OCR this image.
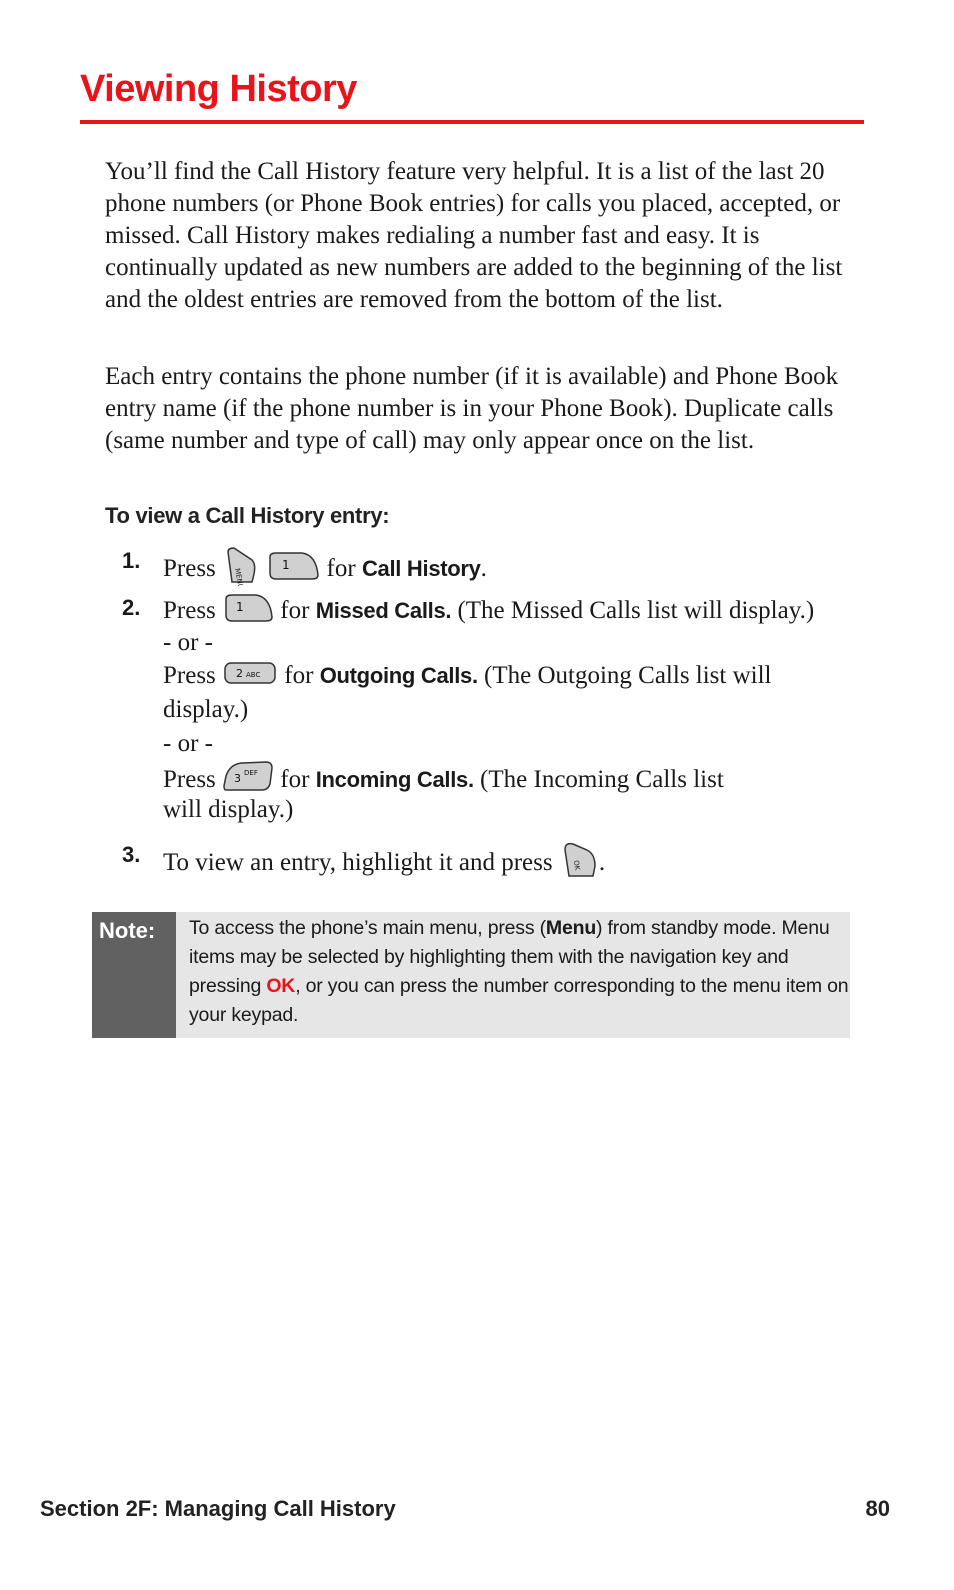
Viewing History

You’ll find the Call History feature very helpful. It is a list of the last 20 phone numbers (or Phone Book entries) for calls you placed, accepted, or missed. Call History makes redialing a number fast and easy. It is continually updated as new numbers are added to the beginning of the list and the oldest entries are removed from the bottom of the list.

Each entry contains the phone number (if it is available) and Phone Book entry name (if the phone number is in your Phone Book). Duplicate calls (same number and type of call) may only appear once on the list.

To view a Call History entry:
1. Press MENU

1 for Call History.
2. Press 1 for Missed Calls. (The Missed Calls list will display.)
- or -
Press 2 ABC for Outgoing Calls. (The Outgoing Calls list will
display.)
- or -
Press 3 DEF for Incoming Calls. (The Incoming Calls list
will display.)
3. To view an entry, highlight it and press	OK .
Note: To access the phone’s main menu, press (Menu) from standby mode. Menu items may be selected by highlighting them with the navigation key and pressing OK, or you can press the number corresponding to the menu item on your keypad.

Section 2F: Managing Call History	80
